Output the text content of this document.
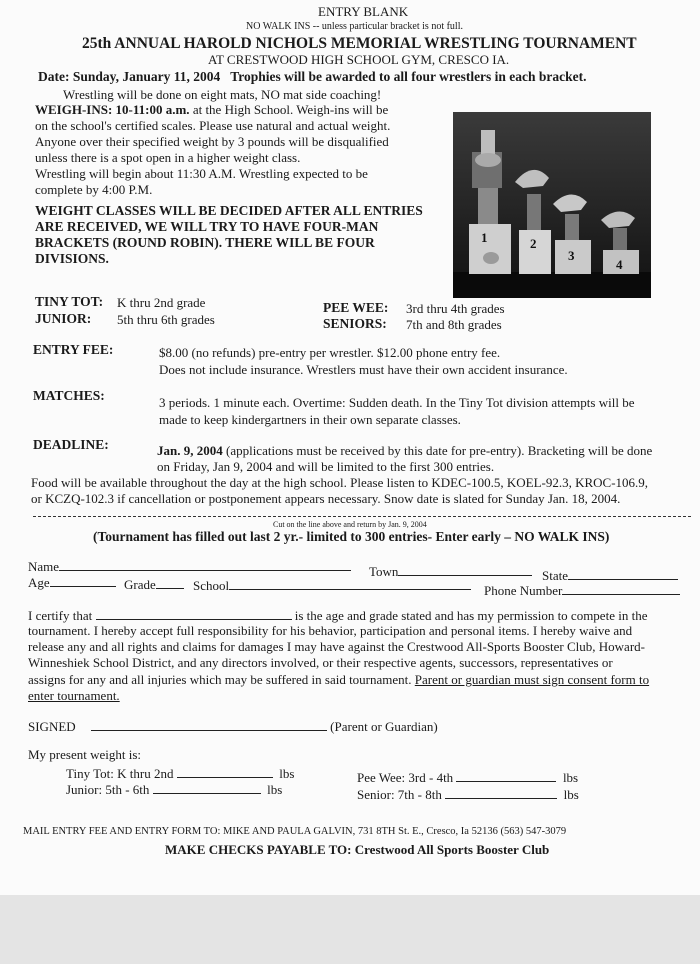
ENTRY BLANK
NO WALK INS -- unless particular bracket is not full.
25th ANNUAL HAROLD NICHOLS MEMORIAL WRESTLING TOURNAMENT
AT CRESTWOOD HIGH SCHOOL GYM, CRESCO IA.
Date: Sunday, January 11, 2004 Trophies will be awarded to all four wrestlers in each bracket.
Wrestling will be done on eight mats, NO mat side coaching!
WEIGH-INS: 10-11:00 a.m. at the High School. Weigh-ins will be
on the school's certified scales. Please use natural and actual weight.
Anyone over their specified weight by 3 pounds will be disqualified
unless there is a spot open in a higher weight class.
Wrestling will begin about 11:30 A.M. Wrestling expected to be
complete by 4:00 P.M.
WEIGHT CLASSES WILL BE DECIDED AFTER ALL ENTRIES
ARE RECEIVED, WE WILL TRY TO HAVE FOUR-MAN
BRACKETS (ROUND ROBIN). THERE WILL BE FOUR
DIVISIONS.
1	2
3
4
TINY TOT: K thru 2nd grade
JUNIOR: 5th thru 6th grades
PEE WEE: 3rd thru 4th grades
SENIORS: 7th and 8th grades
ENTRY FEE:	$8.00 (no refunds) pre-entry per wrestler. $12.00 phone entry fee.
Does not include insurance. Wrestlers must have their own accident insurance.
MATCHES:	3 periods. 1 minute each. Overtime: Sudden death. In the Tiny Tot division attempts will be
made to keep kindergartners in their own separate classes.
DEADLINE:	Jan. 9, 2004 (applications must be received by this date for pre-entry). Bracketing will be done
on Friday, Jan 9, 2004 and will be limited to the first 300 entries.
Food will be available throughout the day at the high school. Please listen to KDEC-100.5, KOEL-92.3, KROC-106.9,
or KCZQ-102.3 if cancellation or postponement appears necessary. Snow date is slated for Sunday Jan. 18, 2004.
Cut on the line above and return by Jan. 9, 2004
(Tournament has filled out last 2 yr.- limited to 300 entries- Enter early – NO WALK INS)
Name	Town	State
Age	Grade	School	Phone Number
I certify that	is the age and grade stated and has my permission to compete in the
tournament. I hereby accept full responsibility for his behavior, participation and personal items. I hereby waive and
release any and all rights and claims for damages I may have against the Crestwood All-Sports Booster Club, Howard-
Winneshiek School District, and any directors involved, or their respective agents, successors, representatives or
assigns for any and all injuries which may be suffered in said tournament. Parent or guardian must sign consent form to
enter tournament.
SIGNED	(Parent or Guardian)
My present weight is:
Tiny Tot: K thru 2nd	lbs
Junior: 5th - 6th	lbs
Pee Wee: 3rd - 4th	lbs
Senior: 7th - 8th	lbs
MAIL ENTRY FEE AND ENTRY FORM TO: MIKE AND PAULA GALVIN, 731 8TH St. E., Cresco, Ia 52136 (563) 547-3079
MAKE CHECKS PAYABLE TO: Crestwood All Sports Booster Club
